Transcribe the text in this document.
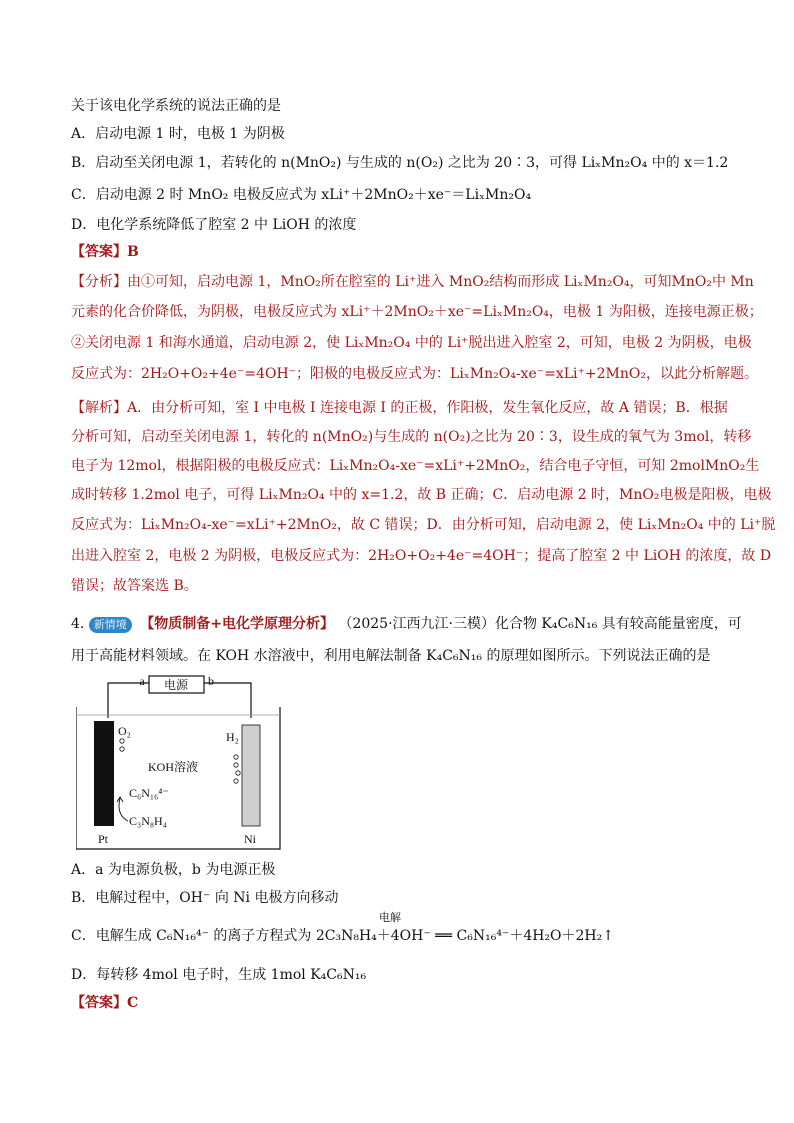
关于该电化学系统的说法正确的是
A．启动电源 1 时，电极 1 为阴极
B．启动至关闭电源 1，若转化的 n(MnO₂) 与生成的 n(O₂) 之比为 20∶3，可得 LiₓMn₂O₄ 中的 x＝1.2
C．启动电源 2 时 MnO₂ 电极反应式为 xLi⁺＋2MnO₂＋xe⁻＝LiₓMn₂O₄
D．电化学系统降低了腔室 2 中 LiOH 的浓度
【答案】B
【分析】由①可知，启动电源 1，MnO₂所在腔室的 Li⁺进入 MnO₂结构而形成 LiₓMn₂O₄，可知MnO₂中 Mn
元素的化合价降低，为阴极，电极反应式为 xLi⁺＋2MnO₂＋xe⁻=LiₓMn₂O₄，电极 1 为阳极，连接电源正极；
②关闭电源 1 和海水通道，启动电源 2，使 LiₓMn₂O₄ 中的 Li⁺脱出进入腔室 2，可知，电极 2 为阴极，电极
反应式为：2H₂O+O₂+4e⁻=4OH⁻；阳极的电极反应式为：LiₓMn₂O₄-xe⁻=xLi⁺+2MnO₂，以此分析解题。
【解析】A．由分析可知，室 I 中电极 I 连接电源 I 的正极，作阳极，发生氧化反应，故 A 错误；B．根据
分析可知，启动至关闭电源 1，转化的 n(MnO₂)与生成的 n(O₂)之比为 20∶3，设生成的氧气为 3mol，转移
电子为 12mol，根据阳极的电极反应式：LiₓMn₂O₄-xe⁻=xLi⁺+2MnO₂，结合电子守恒，可知 2molMnO₂生
成时转移 1.2mol 电子，可得 LiₓMn₂O₄ 中的 x=1.2，故 B 正确；C．启动电源 2 时，MnO₂电极是阳极，电极
反应式为：LiₓMn₂O₄-xe⁻=xLi⁺+2MnO₂，故 C 错误；D．由分析可知，启动电源 2，使 LiₓMn₂O₄ 中的 Li⁺脱
出进入腔室 2，电极 2 为阴极，电极反应式为：2H₂O+O₂+4e⁻=4OH⁻；提高了腔室 2 中 LiOH 的浓度，故 D
错误；故答案选 B。
4. 新情境 【物质制备+电化学原理分析】 （2025·江西九江·三模）化合物 K₄C₆N₁₆ 具有较高能量密度，可
用于高能材料领域。在 KOH 水溶液中，利用电解法制备 K₄C₆N₁₆ 的原理如图所示。下列说法正确的是
电源
a	b
O₂	H₂
KOH溶液
C₆N₁₆⁴⁻
C₃N₈H₄
Pt	Ni
A．a 为电源负极，b 为电源正极
B．电解过程中，OH⁻ 向 Ni 电极方向移动
电解
C．电解生成 C₆N₁₆⁴⁻ 的离子方程式为 2C₃N₈H₄＋4OH⁻ ══ C₆N₁₆⁴⁻＋4H₂O＋2H₂↑
D．每转移 4mol 电子时，生成 1mol K₄C₆N₁₆
【答案】C
